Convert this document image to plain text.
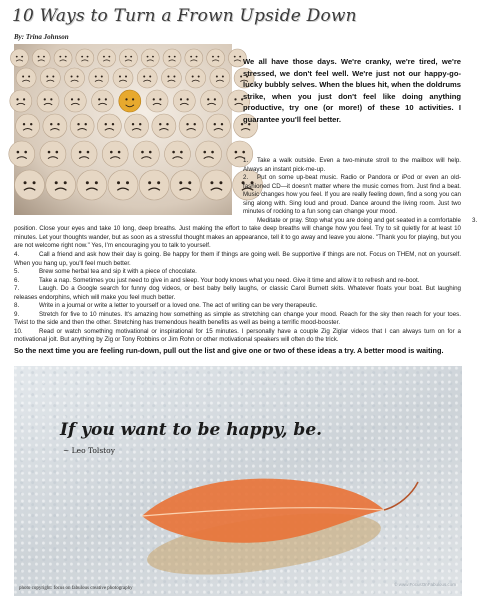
10 Ways to Turn a Frown Upside Down
By: Trina Johnson
We all have those days. We're cranky, we're tired, we're stressed, we don't feel well. We're just not our happy-go-lucky bubbly selves. When the blues hit, when the doldrums strike, when you just don't feel like doing anything productive, try one (or more!) of these 10 activities. I guarantee you'll feel better.
1. Take a walk outside. Even a two-minute stroll to the mailbox will help. Always an instant pick-me-up.
2. Put on some up-beat music. Radio or Pandora or iPod or even an old-fashioned CD—it doesn't matter where the music comes from. Just find a beat. Music changes how you feel. If you are really feeling down, find a song you can sing along with. Sing loud and proud. Dance around the living room. Just two minutes of rocking to a fun song can change your mood.
3.Meditate or pray. Stop what you are doing and get seated in a comfortable position. Close your eyes and take 10 long, deep breaths. Just making the effort to take deep breaths will change how you feel. Try to sit quietly for at least 10 minutes. Let your thoughts wander, but as soon as a stressful thought makes an appearance, tell it to go away and leave you alone. "Thank you for playing, but you are not welcome right now." Yes, I'm encouraging you to talk to yourself.
4.	Call a friend and ask how their day is going. Be happy for them if things are going well. Be supportive if things are not. Focus on THEM, not on yourself. When you hang up, you'll feel much better.
5.	Brew some herbal tea and sip it with a piece of chocolate.
6.	Take a nap. Sometimes you just need to give in and sleep. Your body knows what you need. Give it time and allow it to refresh and re-boot.
7.	Laugh. Do a Google search for funny dog videos, or best baby belly laughs, or classic Carol Burnett skits. Whatever floats your boat. But laughing releases endorphins, which will make you feel much better.
8.	Write in a journal or write a letter to yourself or a loved one. The act of writing can be very therapeutic.
9.	Stretch for five to 10 minutes. It's amazing how something as simple as stretching can change your mood. Reach for the sky then reach for your toes. Twist to the side and then the other. Stretching has tremendous health benefits as well as being a terrific mood-booster.
10.	Read or watch something motivational or inspirational for 15 minutes. I personally have a couple Zig Ziglar videos that I can always turn on for a motivational jolt. But anything by Zig or Tony Robbins or Jim Rohn or other motivational speakers will often do the trick.
So the next time you are feeling run-down, pull out the list and give one or two of these ideas a try. A better mood is waiting.
If you want to be happy, be.
~ Leo Tolstoy
photo copyright: focus on fabulous creative photography
© www.FocusOnFabulous.com
